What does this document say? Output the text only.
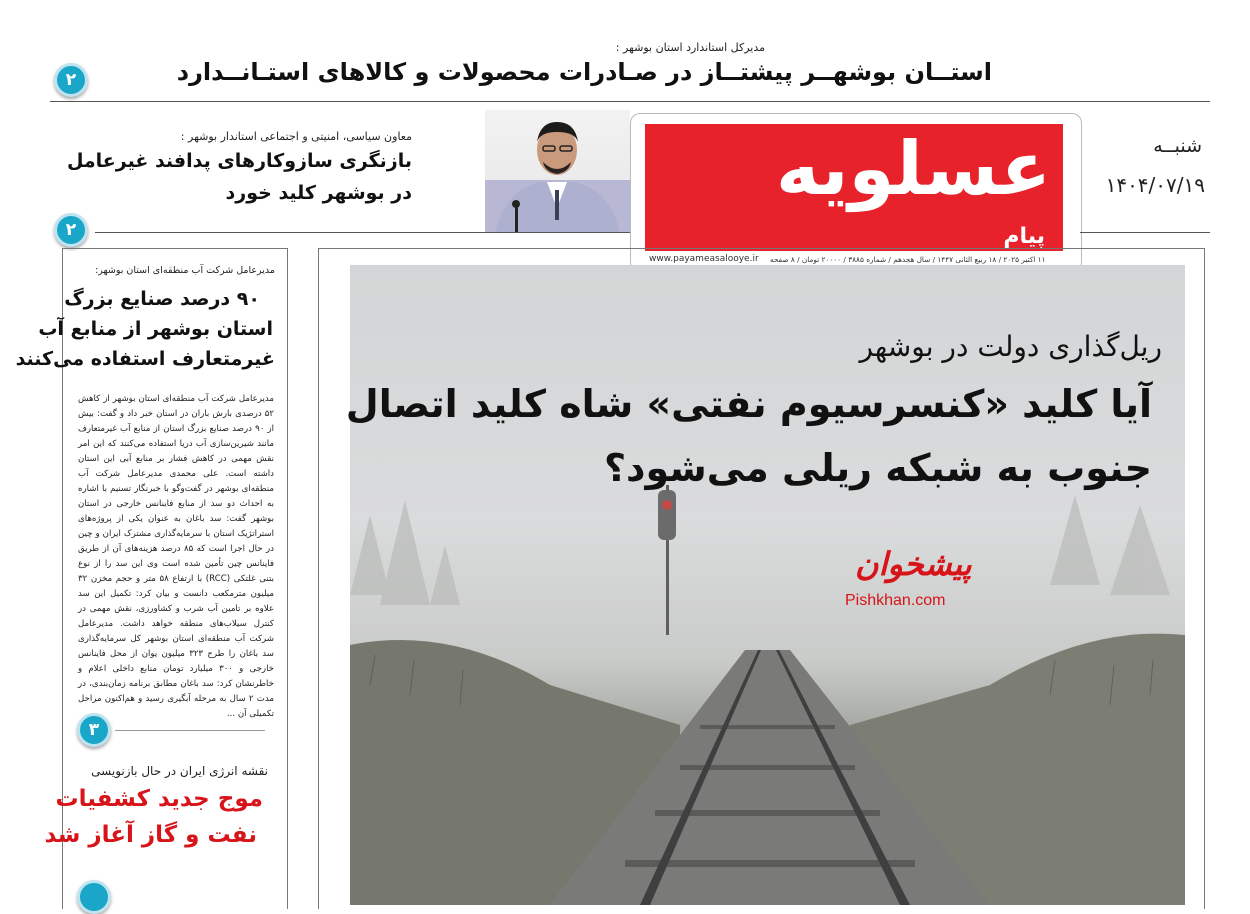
مدیرکل استاندارد استان بوشهر :
استــان بوشهــر پیشتــاز در صـادرات محصولات و کالاهای استـانــدارد
۲
معاون سیاسی، امنیتی و اجتماعی استاندار بوشهر :
بازنگری سازوکارهای پدافند غیرعامل
در بوشهر کلید خورد	عسلویه
پیام
www.payameasalooye.ir ۱۱ اکتبر ۲۰۲۵ / ۱۸ ربیع الثانی ۱۴۴۷ / سال هجدهم / شماره ۳۸۸۵ / ۲۰۰۰۰ تومان / ۸ صفحه
شنبــه
۱۴۰۴/۰۷/۱۹
۲
مدیرعامل شرکت آب منطقه‌ای استان بوشهر:
۹۰ درصد صنایع بزرگ
استان بوشهر از منابع آب
غیرمتعارف استفاده می‌کنند
مدیرعامل شرکت آب منطقه‌ای استان بوشهر از کاهش ۵۲ درصدی بارش باران در استان خبر داد و گفت: بیش از ۹۰ درصد صنایع بزرگ استان از منابع آب غیرمتعارف مانند شیرین‌سازی آب دریا استفاده می‌کنند که این امر نقش مهمی در کاهش فشار بر منابع آبی این استان داشته است. علی محمدی مدیرعامل شرکت آب منطقه‌ای بوشهر در گفت‌وگو با خبرنگار تسنیم با اشاره به احداث دو سد از منابع فاینانس خارجی در استان بوشهر گفت: سد باغان به عنوان یکی از پروژه‌های استراتژیک استان با سرمایه‌گذاری مشترک ایران و چین در حال اجرا است که ۸۵ درصد هزینه‌های آن از طریق فاینانس چین تأمین شده است وی این سد را از نوع بتنی غلتکی (RCC) با ارتفاع ۵۸ متر و حجم مخزن ۳۲ میلیون مترمکعب دانست و بیان کرد: تکمیل این سد علاوه بر تامین آب شرب و کشاورزی، نقش مهمی در کنترل سیلاب‌های منطقه خواهد داشت. مدیرعامل شرکت آب منطقه‌ای استان بوشهر کل سرمایه‌گذاری سد باغان را طرح ۳۲۳ میلیون یوان از محل فاینانس خارجی و ۳۰۰ میلیارد تومان منابع داخلی اعلام و خاطرنشان کرد: سد باغان مطابق برنامه زمان‌بندی، در مدت ۲ سال به مرحله آبگیری رسید و هم‌اکنون مراحل تکمیلی آن ...
۳
نقشه انرژی ایران در حال بازنویسی
موج جدید کشفیات
نفت و گاز آغاز شد
ریل‌گذاری دولت در بوشهر
آیا کلید «کنسرسیوم نفتی» شاه کلید اتصال
جنوب به شبکه ریلی می‌شود؟
پیشخوان
Pishkhan.com
